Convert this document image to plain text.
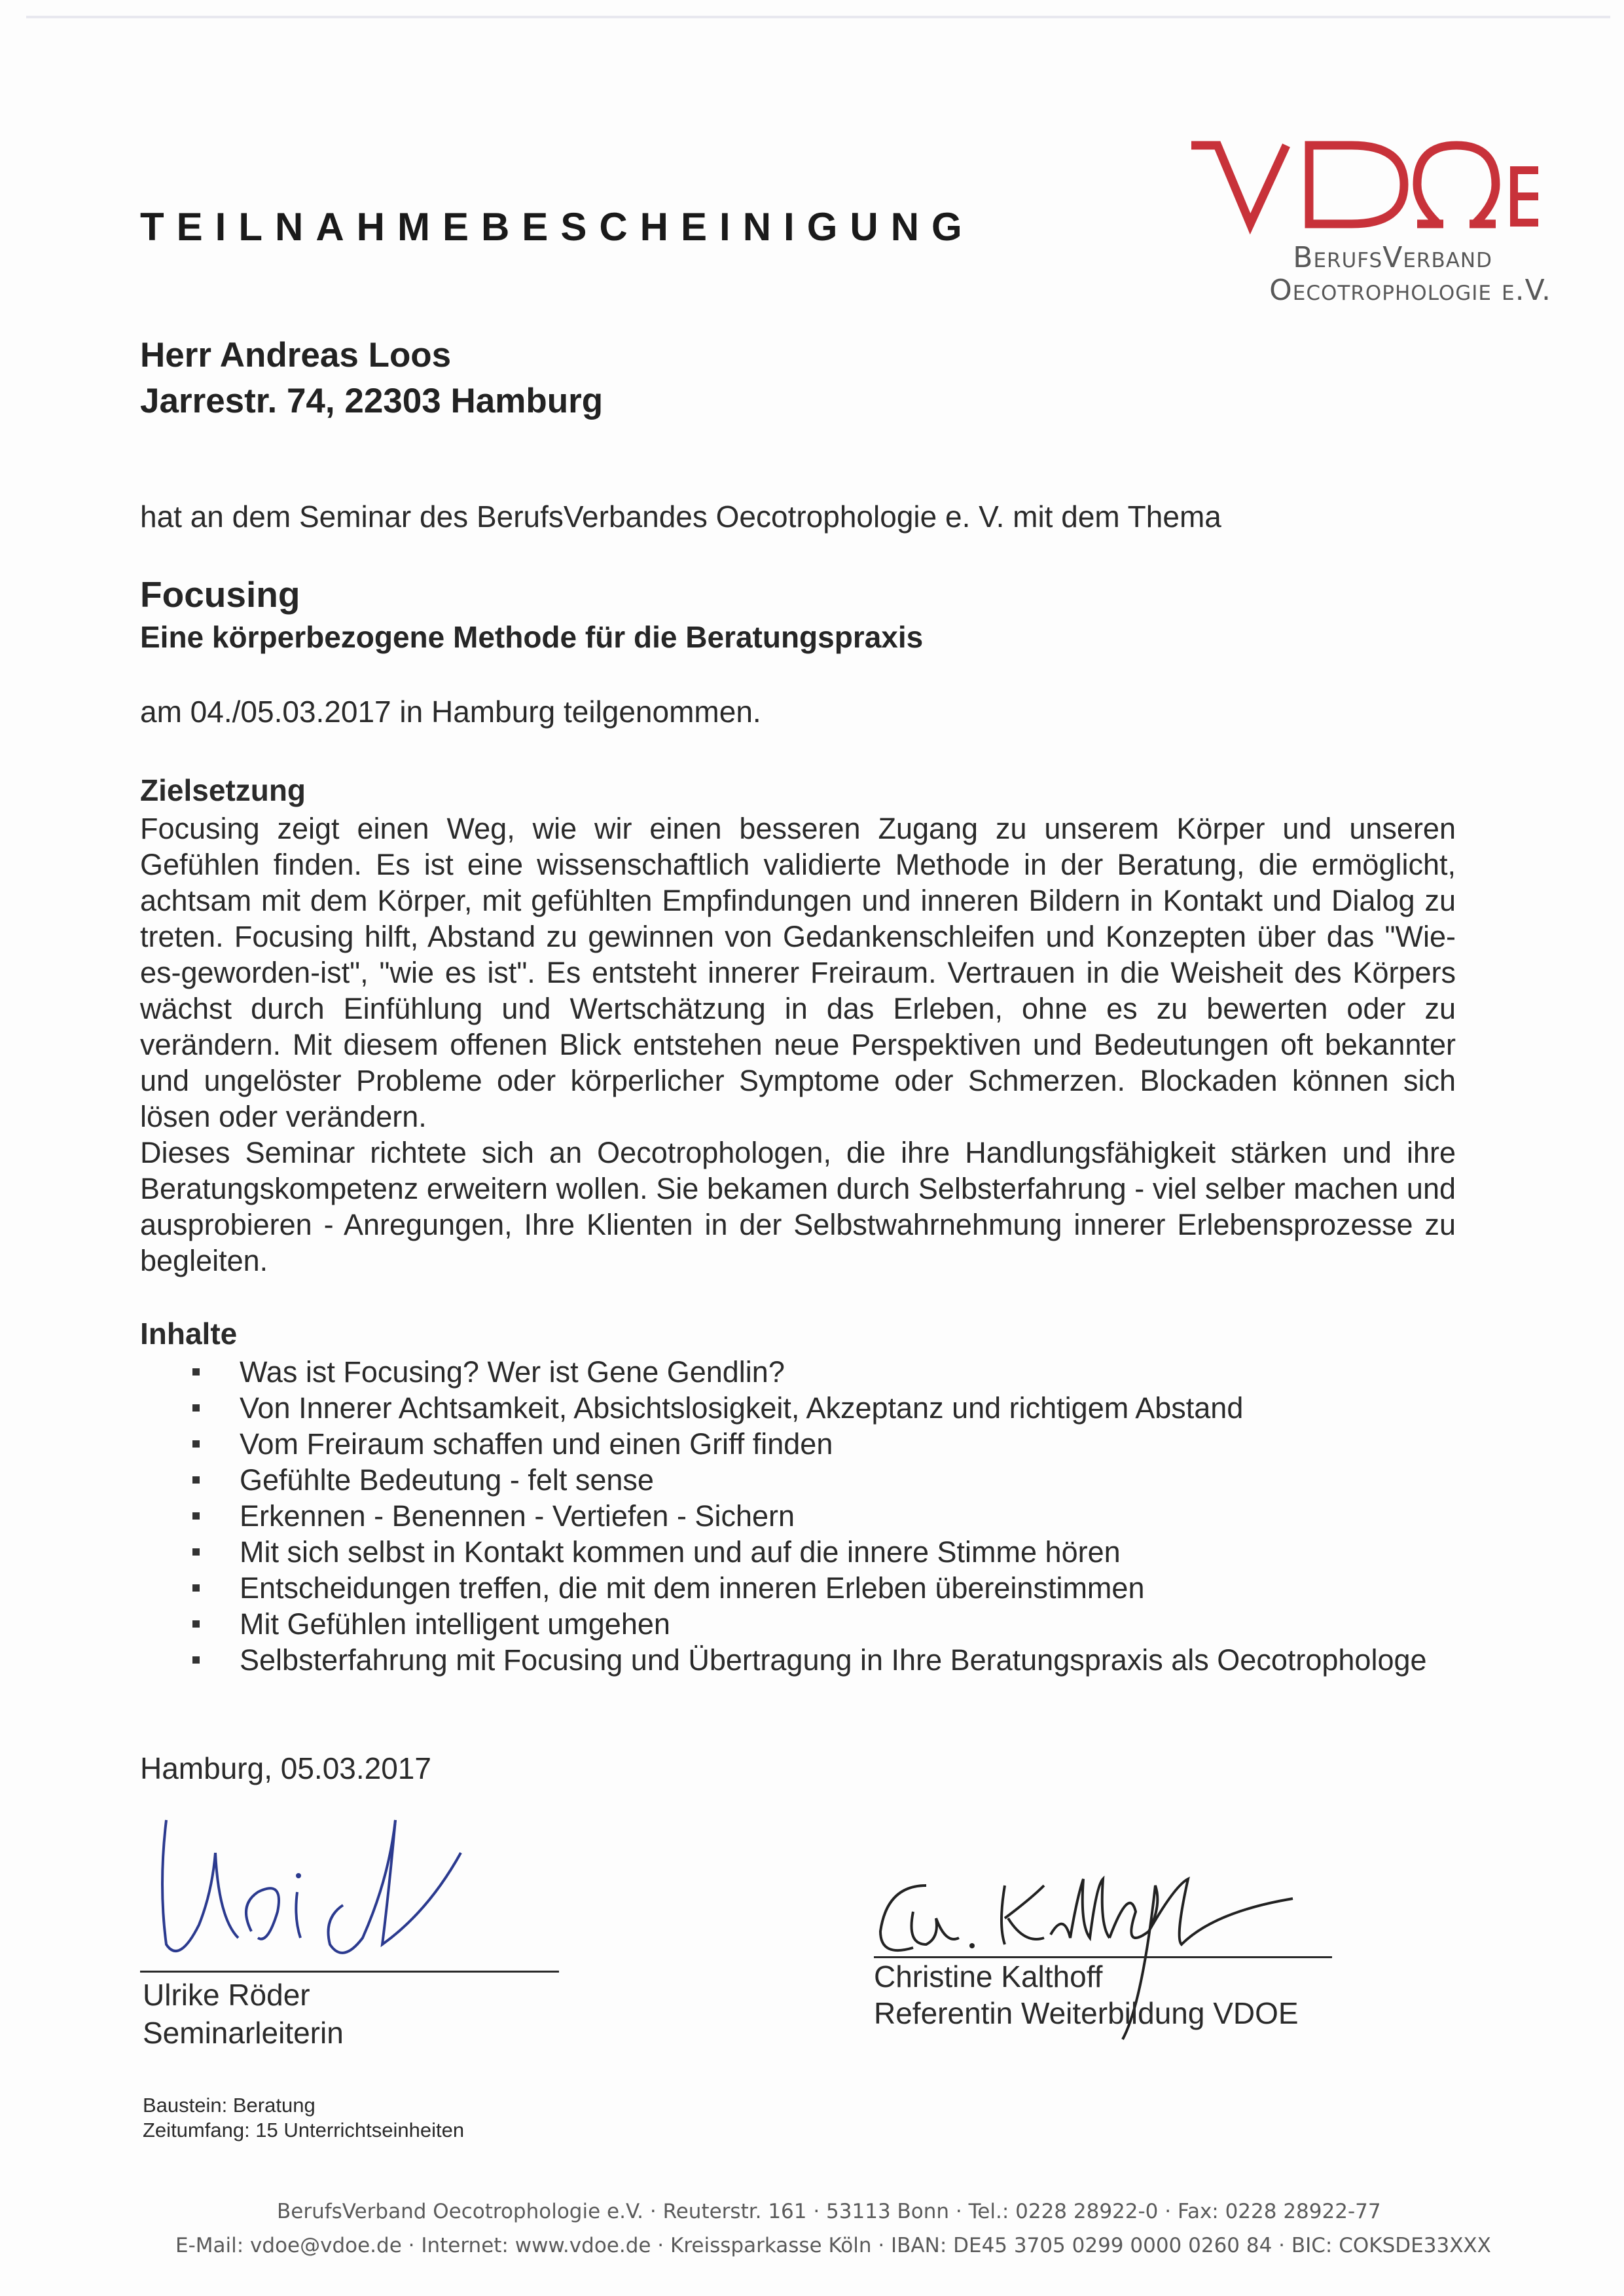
BerufsVerband
Oecotrophologie e.V.
TEILNAHMEBESCHEINIGUNG
Herr Andreas Loos
Jarrestr. 74, 22303 Hamburg
hat an dem Seminar des BerufsVerbandes Oecotrophologie e. V. mit dem Thema
Focusing
Eine körperbezogene Methode für die Beratungspraxis
am 04./05.03.2017 in Hamburg teilgenommen.
Zielsetzung
Focusing zeigt einen Weg, wie wir einen besseren Zugang zu unserem Körper und unseren Gefühlen finden. Es ist eine wissenschaftlich validierte Methode in der Beratung, die ermöglicht, achtsam mit dem Körper, mit gefühlten Empfindungen und inneren Bildern in Kontakt und Dialog zu treten. Focusing hilft, Abstand zu gewinnen von Gedankenschleifen und Konzepten über das "Wie-es-geworden-ist", "wie es ist". Es entsteht innerer Freiraum. Vertrauen in die Weisheit des Körpers wächst durch Einfühlung und Wertschätzung in das Erleben, ohne es zu bewerten oder zu verändern. Mit diesem offenen Blick entstehen neue Perspektiven und Bedeutungen oft bekannter und ungelöster Probleme oder körperlicher Symptome oder Schmerzen. Blockaden können sich lösen oder verändern.
Dieses Seminar richtete sich an Oecotrophologen, die ihre Handlungsfähigkeit stärken und ihre Beratungskompetenz erweitern wollen. Sie bekamen durch Selbsterfahrung - viel selber machen und ausprobieren - Anregungen, Ihre Klienten in der Selbstwahrnehmung innerer Erlebensprozesse zu begleiten.
Inhalte
Was ist Focusing? Wer ist Gene Gendlin?
Von Innerer Achtsamkeit, Absichtslosigkeit, Akzeptanz und richtigem Abstand
Vom Freiraum schaffen und einen Griff finden
Gefühlte Bedeutung - felt sense
Erkennen - Benennen - Vertiefen - Sichern
Mit sich selbst in Kontakt kommen und auf die innere Stimme hören
Entscheidungen treffen, die mit dem inneren Erleben übereinstimmen
Mit Gefühlen intelligent umgehen
Selbsterfahrung mit Focusing und Übertragung in Ihre Beratungspraxis als Oecotrophologe
Hamburg, 05.03.2017
Ulrike Röder
Seminarleiterin
Christine Kalthoff
Referentin Weiterbildung VDOE
Baustein: Beratung
Zeitumfang: 15 Unterrichtseinheiten
BerufsVerband Oecotrophologie e.V. · Reuterstr. 161 · 53113 Bonn · Tel.: 0228 28922-0 · Fax: 0228 28922-77
E-Mail: vdoe@vdoe.de · Internet: www.vdoe.de · Kreissparkasse Köln · IBAN: DE45 3705 0299 0000 0260 84 · BIC: COKSDE33XXX
